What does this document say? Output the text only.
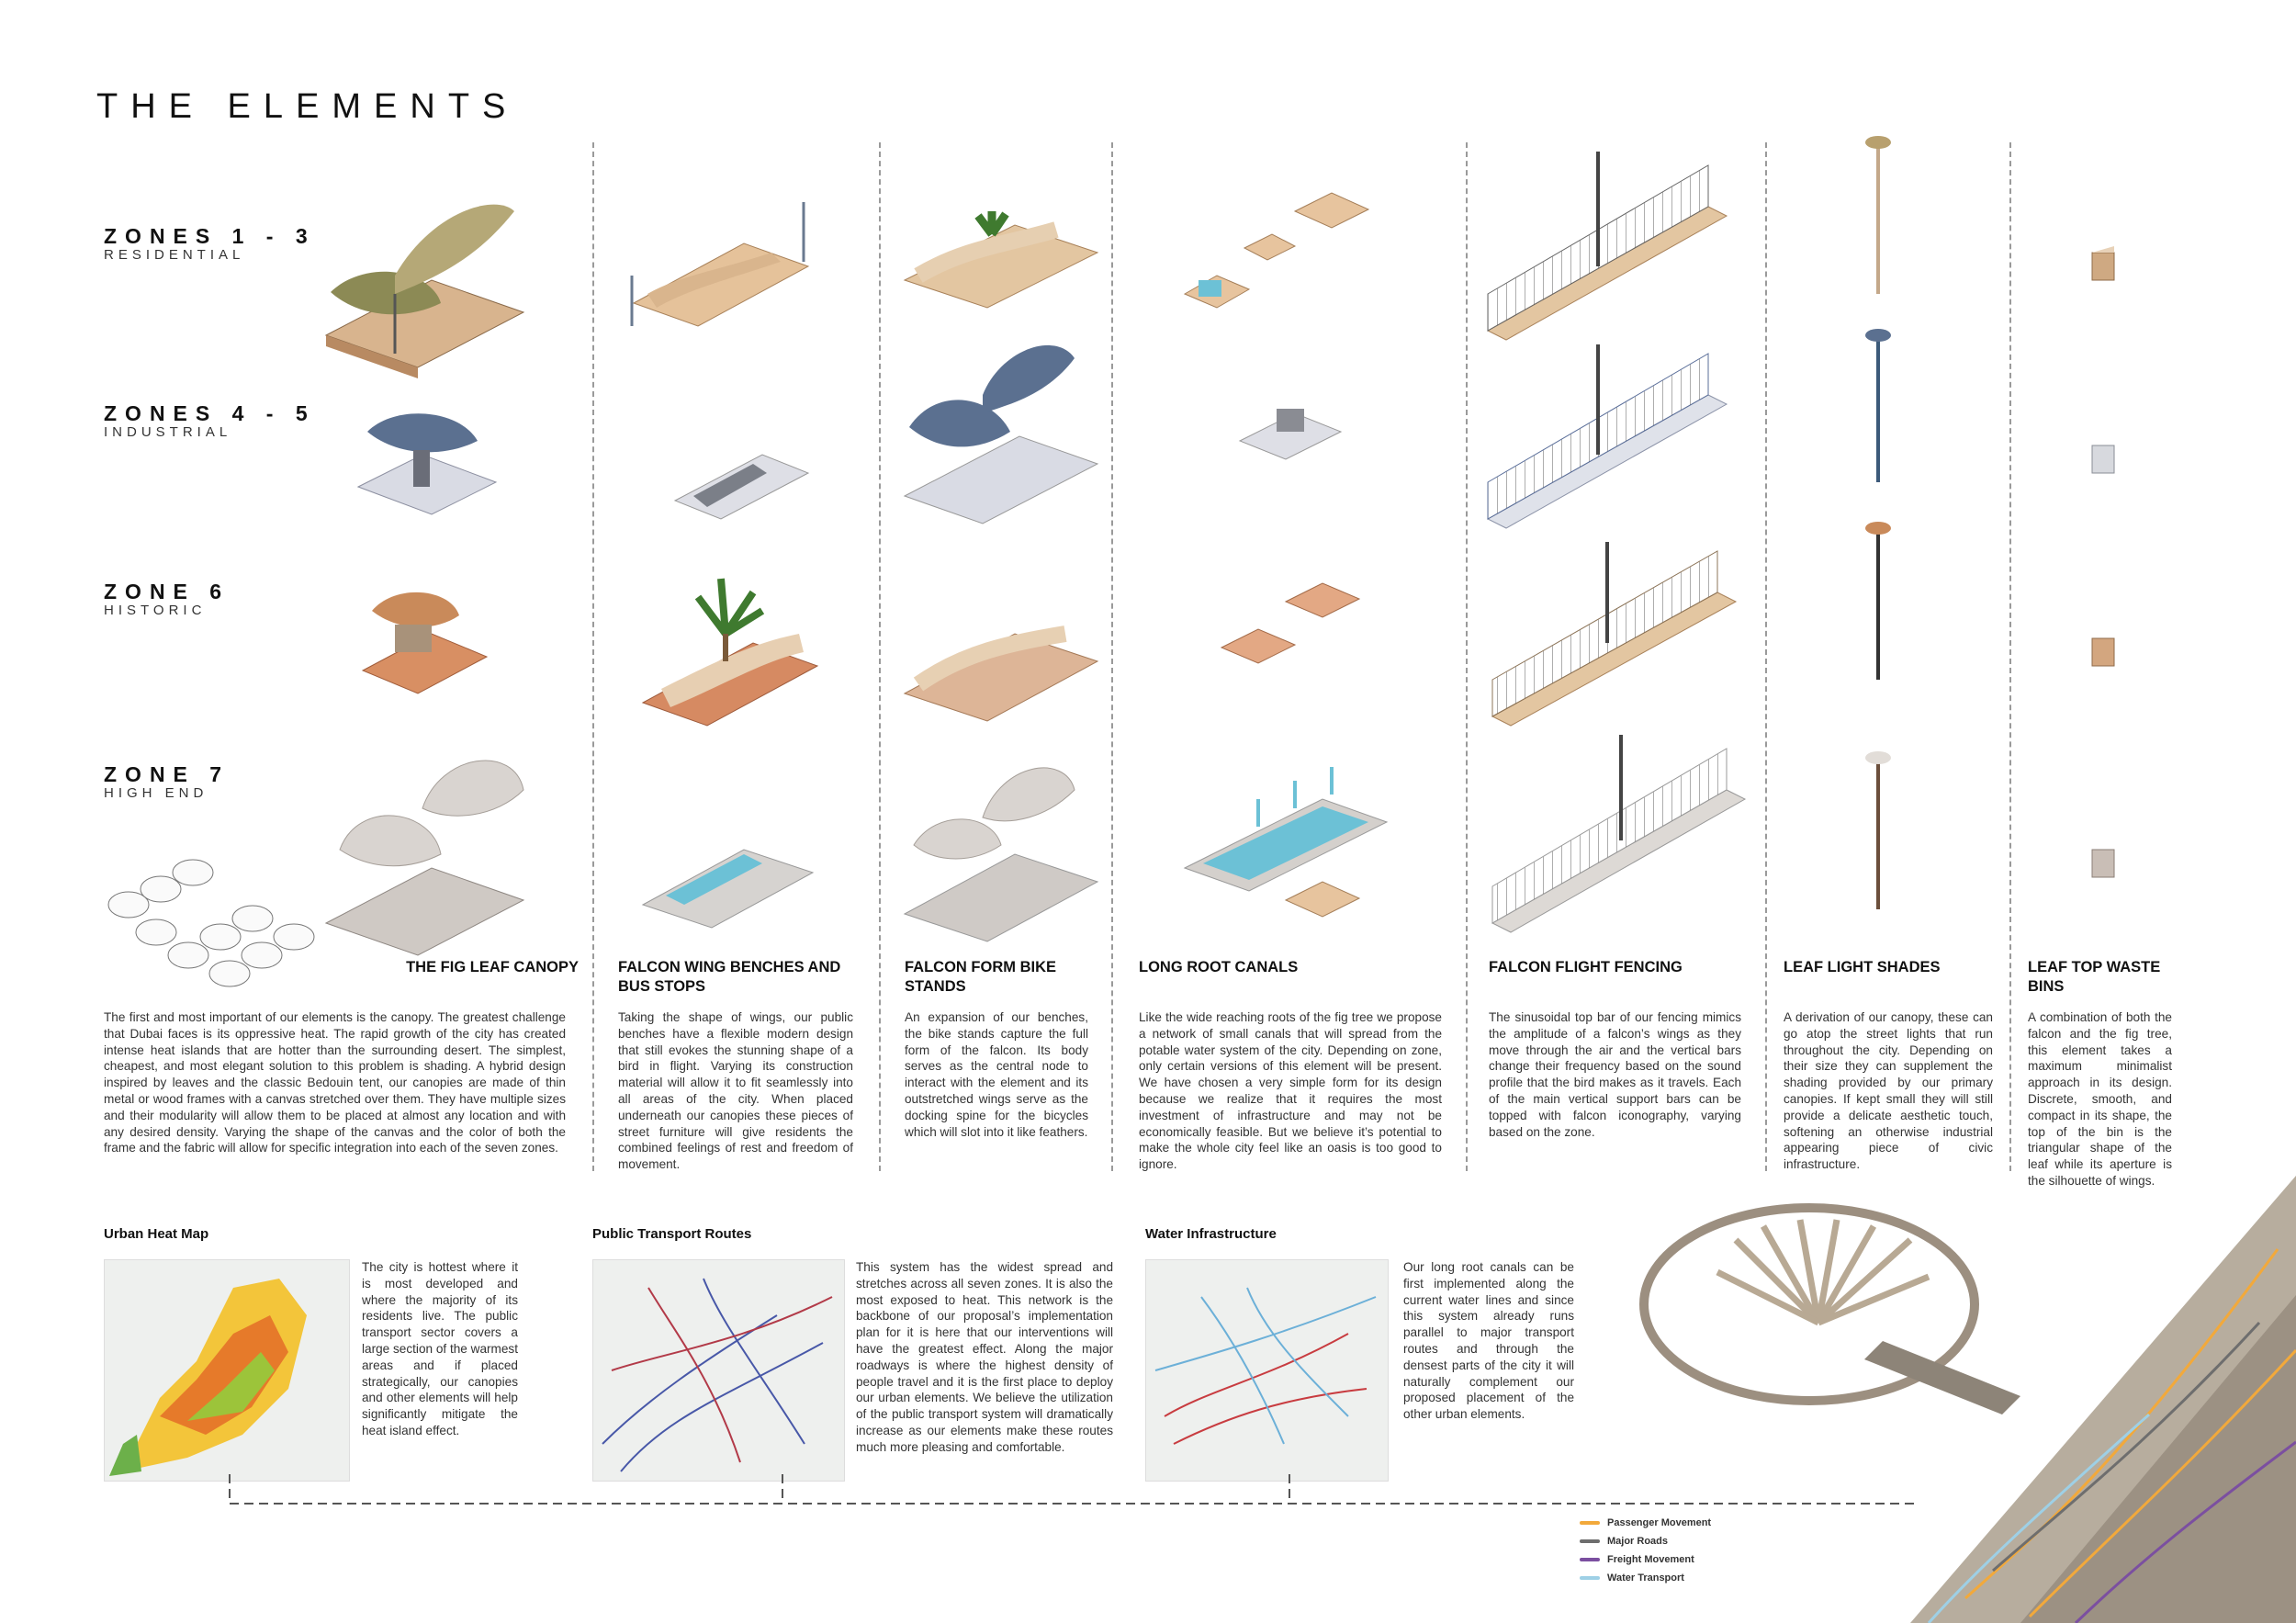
THE ELEMENTS
ZONES 1 - 3
RESIDENTIAL
ZONES 4 - 5
INDUSTRIAL
ZONE 6
HISTORIC
ZONE 7
HIGH END
THE FIG LEAF CANOPY	FALCON WING BENCHES AND BUS STOPS
FALCON FORM BIKE STANDS
LONG ROOT CANALS	FALCON FLIGHT FENCING	LEAF LIGHT SHADES	LEAF TOP WASTE BINS
The first and most important of our elements is the canopy. The greatest challenge that Dubai faces is its oppressive heat. The rapid growth of the city has created intense heat islands that are hotter than the surrounding desert. The simplest, cheapest, and most elegant solution to this problem is shading. A hybrid design inspired by leaves and the classic Bedouin tent, our canopies are made of thin metal or wood frames with a canvas stretched over them. They have multiple sizes and their modularity will allow them to be placed at almost any location and with any desired density. Varying the shape of the canvas and the color of both the frame and the fabric will allow for specific integration into each of the seven zones.
Taking the shape of wings, our public benches have a flexible modern design that still evokes the stunning shape of a bird in flight. Varying its construction material will allow it to fit seamlessly into all areas of the city. When placed underneath our canopies these pieces of street furniture will give residents the combined feelings of rest and freedom of movement.
An expansion of our benches, the bike stands capture the full form of the falcon. Its body serves as the central node to interact with the element and its outstretched wings serve as the docking spine for the bicycles which will slot into it like feathers.
Like the wide reaching roots of the fig tree we propose a network of small canals that will spread from the potable water system of the city. Depending on zone, only certain versions of this element will be present. We have chosen a very simple form for its design because we realize that it requires the most investment of infrastructure and may not be economically feasible. But we believe it’s potential to make the whole city feel like an oasis is too good to ignore.
The sinusoidal top bar of our fencing mimics the amplitude of a falcon’s wings as they move through the air and the vertical bars change their frequency based on the sound profile that the bird makes as it travels. Each of the main vertical support bars can be topped with falcon iconography, varying based on the zone.
A derivation of our canopy, these can go atop the street lights that run throughout the city. Depending on their size they can supplement the shading provided by our primary canopies. If kept small they will still provide a delicate aesthetic touch, softening an otherwise industrial appearing piece of civic infrastructure.
A combination of both the falcon and the fig tree, this element takes a maximum minimalist approach in its design. Discrete, smooth, and compact in its shape, the top of the bin is the triangular shape of the leaf while its aperture is the silhouette of wings.
Urban Heat Map
The city is hottest where it is most developed and where the majority of its residents live. The public transport sector covers a large section of the warmest areas and if placed strategically, our canopies and other elements will help significantly mitigate the heat island effect.
Public Transport Routes
This system has the widest spread and stretches across all seven zones. It is also the most exposed to heat. This network is the backbone of our proposal’s implementation plan for it is here that our interventions will have the greatest effect. Along the major roadways is where the highest density of people travel and it is the first place to deploy our urban elements. We believe the utilization of the public transport system will dramatically increase as our elements make these routes much more pleasing and comfortable.
Water Infrastructure
Our long root canals can be first implemented along the current water lines and since this system already runs parallel to major transport routes and through the densest parts of the city it will naturally complement our proposed placement of the other urban elements.
Passenger Movement
Major Roads
Freight Movement
Water Transport
